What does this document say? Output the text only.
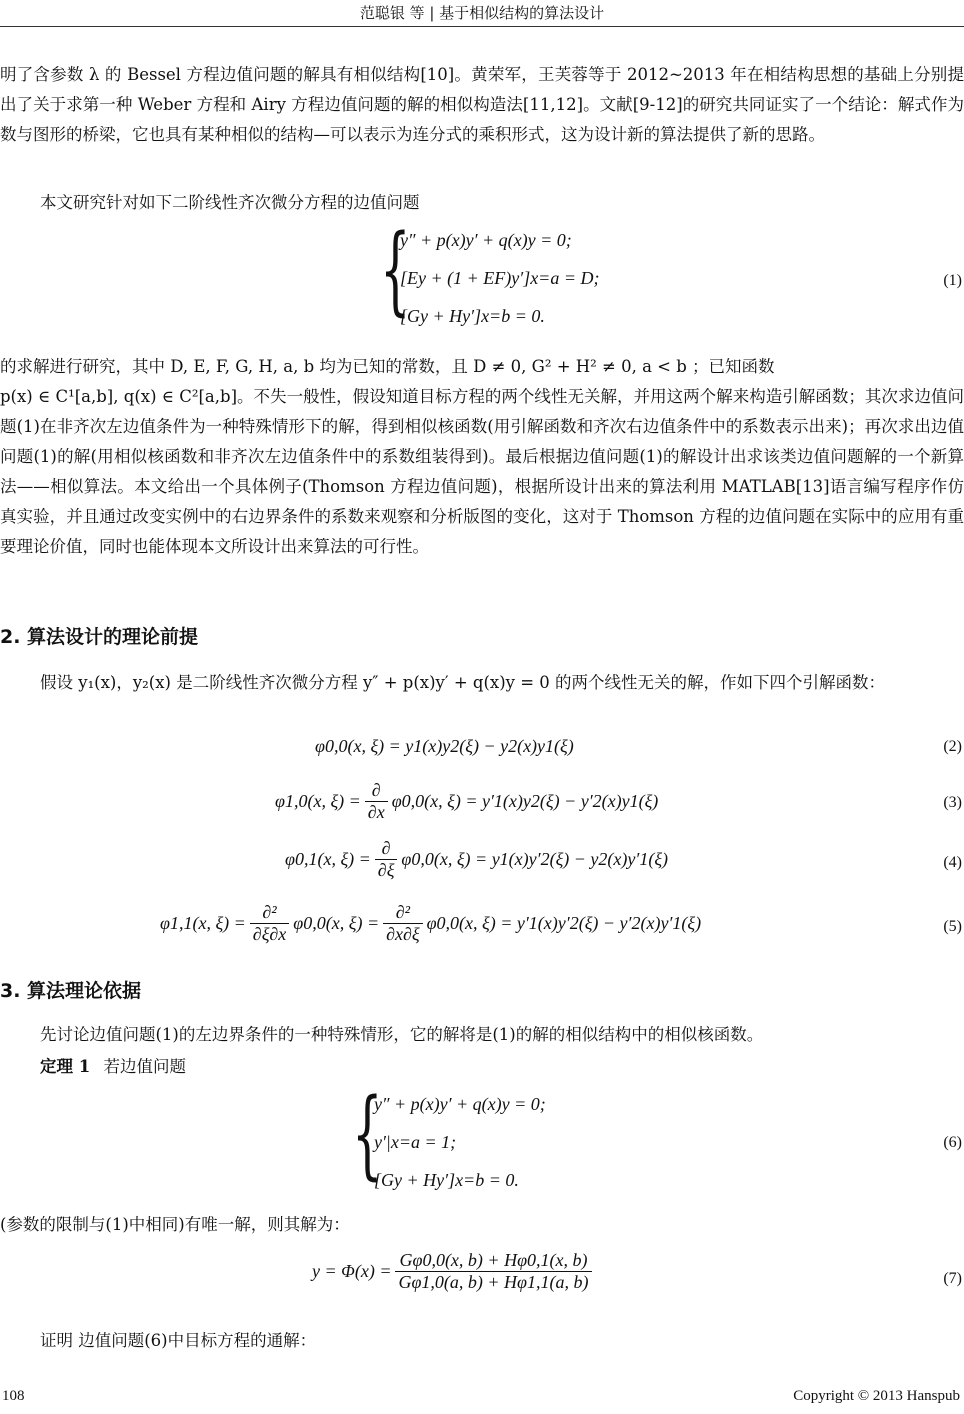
范聪银 等 | 基于相似结构的算法设计

明了含参数 λ 的 Bessel 方程边值问题的解具有相似结构[10]。黄荣军，王芙蓉等于 2012~2013 年在相结构思想的基础上分别提出了关于求第一种 Weber 方程和 Airy 方程边值问题的解的相似构造法[11,12]。文献[9-12]的研究共同证实了一个结论：解式作为数与图形的桥梁，它也具有某种相似的结构—可以表示为连分式的乘积形式，这为设计新的算法提供了新的思路。

本文研究针对如下二阶线性齐次微分方程的边值问题

{
y″ + p(x)y′ + q(x)y = 0;
[Ey + (1 + EF)y′]x=a = D;
[Gy + Hy′]x=b = 0.
(1)

的求解进行研究，其中 D, E, F, G, H, a, b 均为已知的常数，且 D ≠ 0, G² + H² ≠ 0, a < b ；已知函数

p(x) ∈ C¹[a,b], q(x) ∈ C²[a,b]。不失一般性，假设知道目标方程的两个线性无关解，并用这两个解来构造引解函数；其次求边值问题(1)在非齐次左边值条件为一种特殊情形下的解，得到相似核函数(用引解函数和齐次右边值条件中的系数表示出来)；再次求出边值问题(1)的解(用相似核函数和非齐次左边值条件中的系数组装得到)。最后根据边值问题(1)的解设计出求该类边值问题解的一个新算法——相似算法。本文给出一个具体例子(Thomson 方程边值问题)，根据所设计出来的算法利用 MATLAB[13]语言编写程序作仿真实验，并且通过改变实例中的右边界条件的系数来观察和分析版图的变化，这对于 Thomson 方程的边值问题在实际中的应用有重要理论价值，同时也能体现本文所设计出来算法的可行性。

2. 算法设计的理论前提

假设 y₁(x)，y₂(x) 是二阶线性齐次微分方程 y″ + p(x)y′ + q(x)y = 0 的两个线性无关的解，作如下四个引解函数：

φ0,0(x, ξ) = y1(x)y2(ξ) − y2(x)y1(ξ)	(2)
φ1,0(x, $\xi) = \frac{\partial}{\partial x} \varphi 0,0(x$, ξ) = y′1(x)y2(ξ) − y′2(x)y1(ξ)	(3)
φ0,1(x, $\xi) = \frac{\partial}{\partial\xi} \varphi 0,0(x$, ξ) = y1(x)y′2(ξ) − y2(x)y′1(ξ)	(4)
φ1,1(x, $\xi) = \frac{\text{∂²}}{\partial\xi\partial x} \varphi 0,0(x$, $\xi) = \frac{\text{∂²}}{\partial x\partial\xi} \varphi 0,0(x$, ξ) = y′1(x)y′2(ξ) − y′2(x)y′1(ξ)	(5)
3. 算法理论依据

先讨论边值问题(1)的左边界条件的一种特殊情形，它的解将是(1)的解的相似结构中的相似核函数。

定理 1 若边值问题
{
y″ + p(x)y′ + q(x)y = 0;
y′|x=a = 1;
[Gy + Hy′]x=b = 0.
(6)

(参数的限制与(1)中相同)有唯一解，则其解为：

$y = \Phi(x) = \frac{G\varphi 0,0(x, b) + H\varphi 0,1(x, b)}{G\varphi 1,0(a, b) + H\varphi 1,1(a, b)}$	(7)

证明 边值问题(6)中目标方程的通解：

108	Copyright © 2013 Hanspub
